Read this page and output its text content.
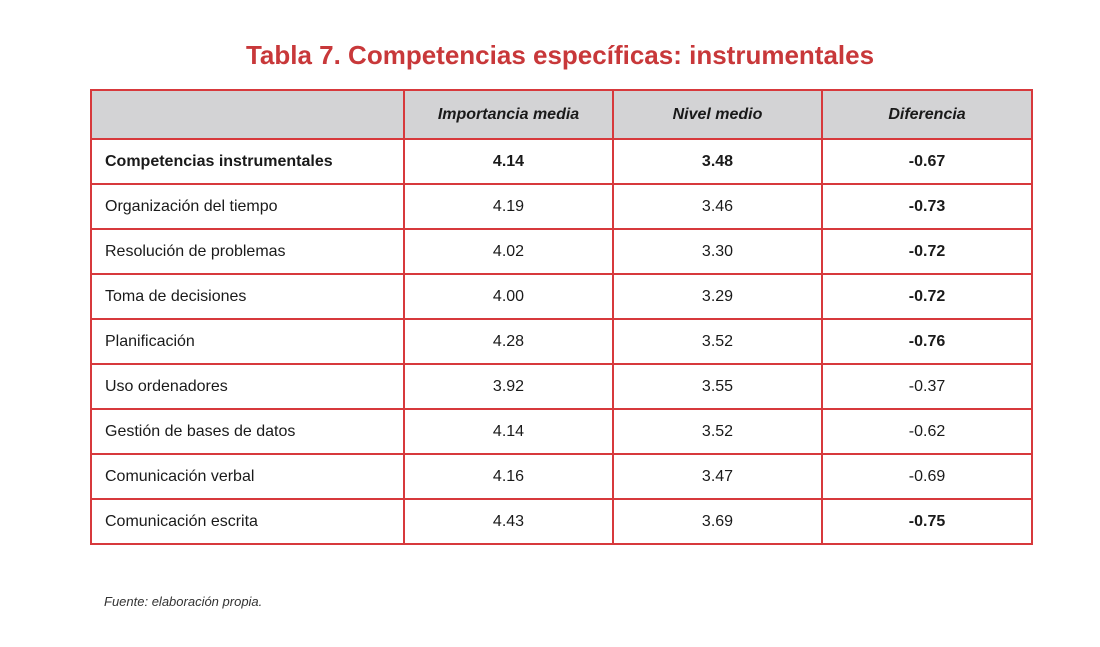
Tabla 7. Competencias específicas: instrumentales
	Importancia media	Nivel medio	Diferencia
Competencias instrumentales	4.14	3.48	-0.67
Organización del tiempo	4.19	3.46	-0.73
Resolución de problemas	4.02	3.30	-0.72
Toma de decisiones	4.00	3.29	-0.72
Planificación	4.28	3.52	-0.76
Uso ordenadores	3.92	3.55	-0.37
Gestión de bases de datos	4.14	3.52	-0.62
Comunicación verbal	4.16	3.47	-0.69
Comunicación escrita	4.43	3.69	-0.75
Fuente: elaboración propia.
